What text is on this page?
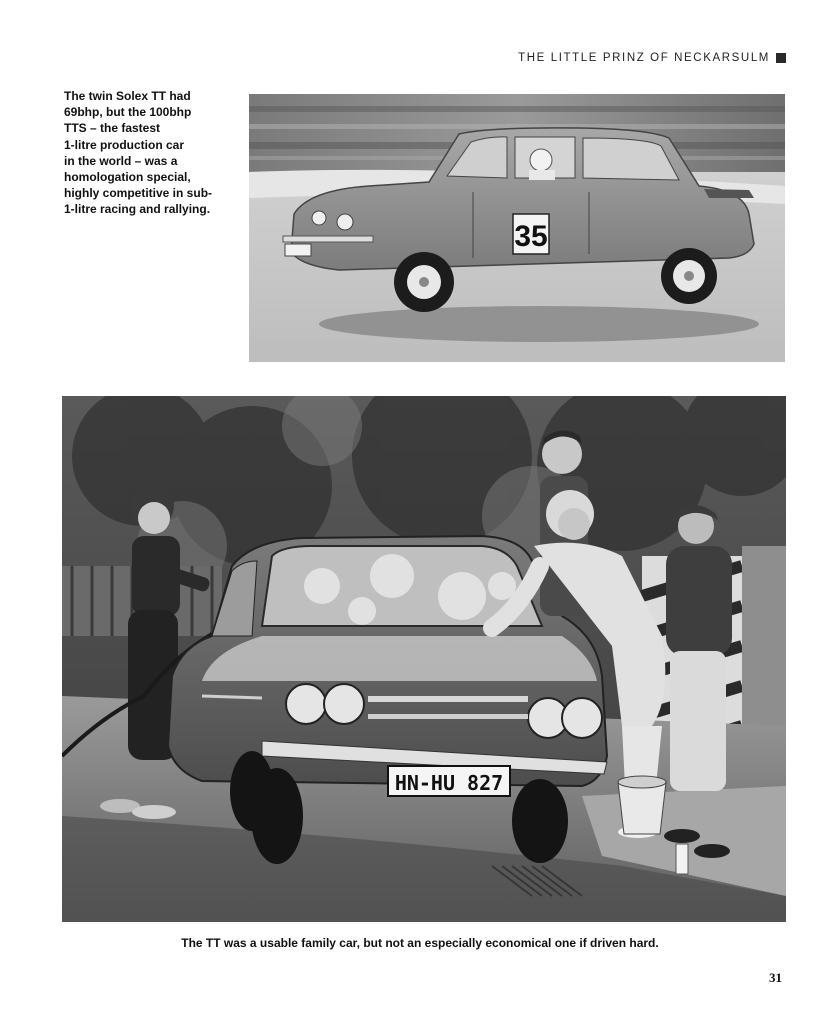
THE LITTLE PRINZ OF NECKARSULM
The twin Solex TT had
69bhp, but the 100bhp
TTS – the fastest
1-litre production car
in the world – was a
homologation special,
highly competitive in sub-
1-litre racing and rallying.
35
HN-HU 827
The TT was a usable family car, but not an especially economical one if driven hard.
31
